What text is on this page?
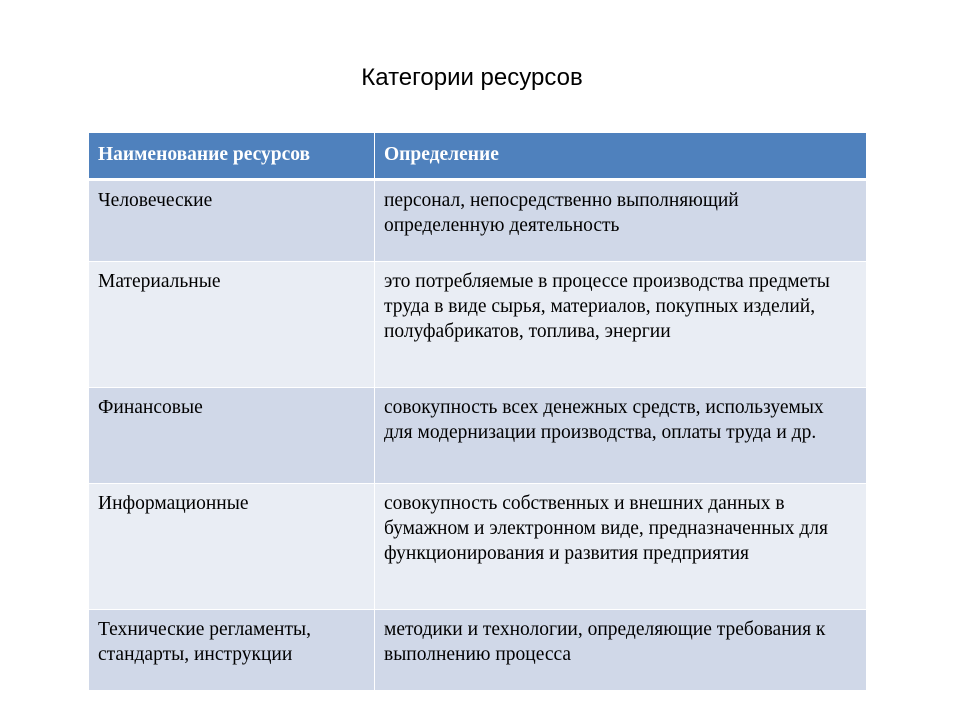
Категории ресурсов
Наименование ресурсов	Определение
Человеческие	персонал, непосредственно выполняющий определенную деятельность
Материальные	это потребляемые в процессе производства предметы труда в виде сырья, материалов, покупных изделий, полуфабрикатов, топлива, энергии
Финансовые	совокупность всех денежных средств, используемых для модернизации производства, оплаты труда и др.
Информационные	совокупность собственных и внешних данных в бумажном и электронном виде, предназначенных для функционирования и развития предприятия
Технические регламенты, стандарты, инструкции	методики и технологии, определяющие требования к выполнению процесса
